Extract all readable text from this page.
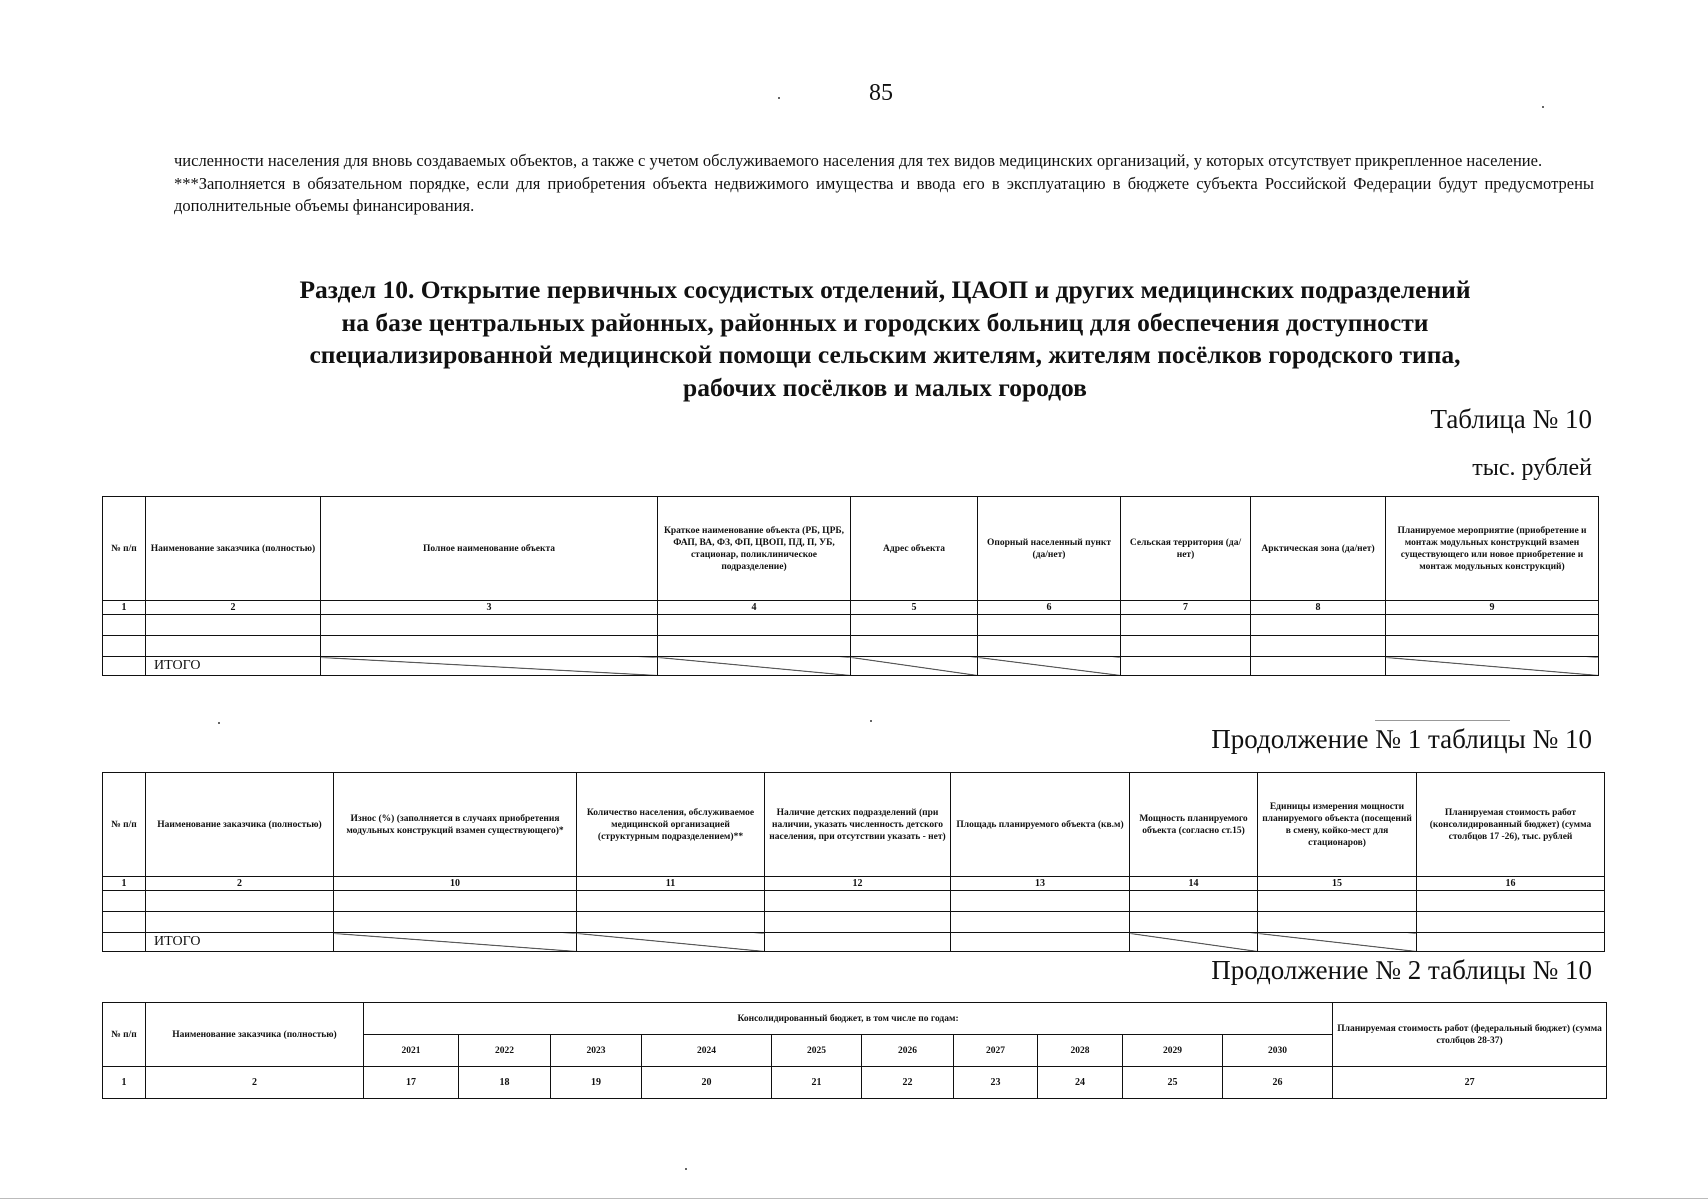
85

численности населения для вновь создаваемых объектов, а также с учетом обслуживаемого населения для тех видов медицинских организаций, у которых отсутствует прикрепленное население.

***Заполняется в обязательном порядке, если для приобретения объекта недвижимого имущества и ввода его в эксплуатацию в бюджете субъекта Российской Федерации будут предусмотрены дополнительные объемы финансирования.

Раздел 10. Открытие первичных сосудистых отделений, ЦАОП и других медицинских подразделений
на базе центральных районных, районных и городских больниц для обеспечения доступности
специализированной медицинской помощи сельским жителям, жителям посёлков городского типа,
рабочих посёлков и малых городов
Таблица № 10
тыс. рублей
№ п/п	Наименование заказчика (полностью)	Полное наименование объекта	Краткое наименование объекта (РБ, ЦРБ, ФАП, ВА, ФЗ, ФП, ЦВОП, ПД, П, УБ, стационар, поликлиническое подразделение)	Адрес объекта	Опорный населенный пункт (да/нет)	Сельская территория (да/нет)	Арктическая зона (да/нет)	Планируемое мероприятие (приобретение и монтаж модульных конструкций взамен существующего или новое приобретение и монтаж модульных конструкций)
1	2	3	4	5	6	7	8	9

	ИТОГО							
Продолжение № 1 таблицы № 10
№ п/п	Наименование заказчика (полностью)	Износ (%) (заполняется в случаях приобретения модульных конструкций взамен существующего)*	Количество населения, обслуживаемое медицинской организацией (структурным подразделением)**	Наличие детских подразделений (при наличии, указать численность детского населения, при отсутствии указать - нет)	Площадь планируемого объекта (кв.м)	Мощность планируемого объекта (согласно ст.15)	Единицы измерения мощности планируемого объекта (посещений в смену, койко-мест для стационаров)	Планируемая стоимость работ (консолидированный бюджет) (сумма столбцов 17 -26), тыс. рублей
1	2	10	11	12	13	14	15	16

	ИТОГО							
Продолжение № 2 таблицы № 10
№ п/п	Наименование заказчика (полностью)	Консолидированный бюджет, в том числе по годам:										Планируемая стоимость работ (федеральный бюджет) (сумма столбцов 28-37)
		2021	2022	2023	2024	2025	2026	2027	2028	2029	2030	
1	2	17	18	19	20	21	22	23	24	25	26	27
